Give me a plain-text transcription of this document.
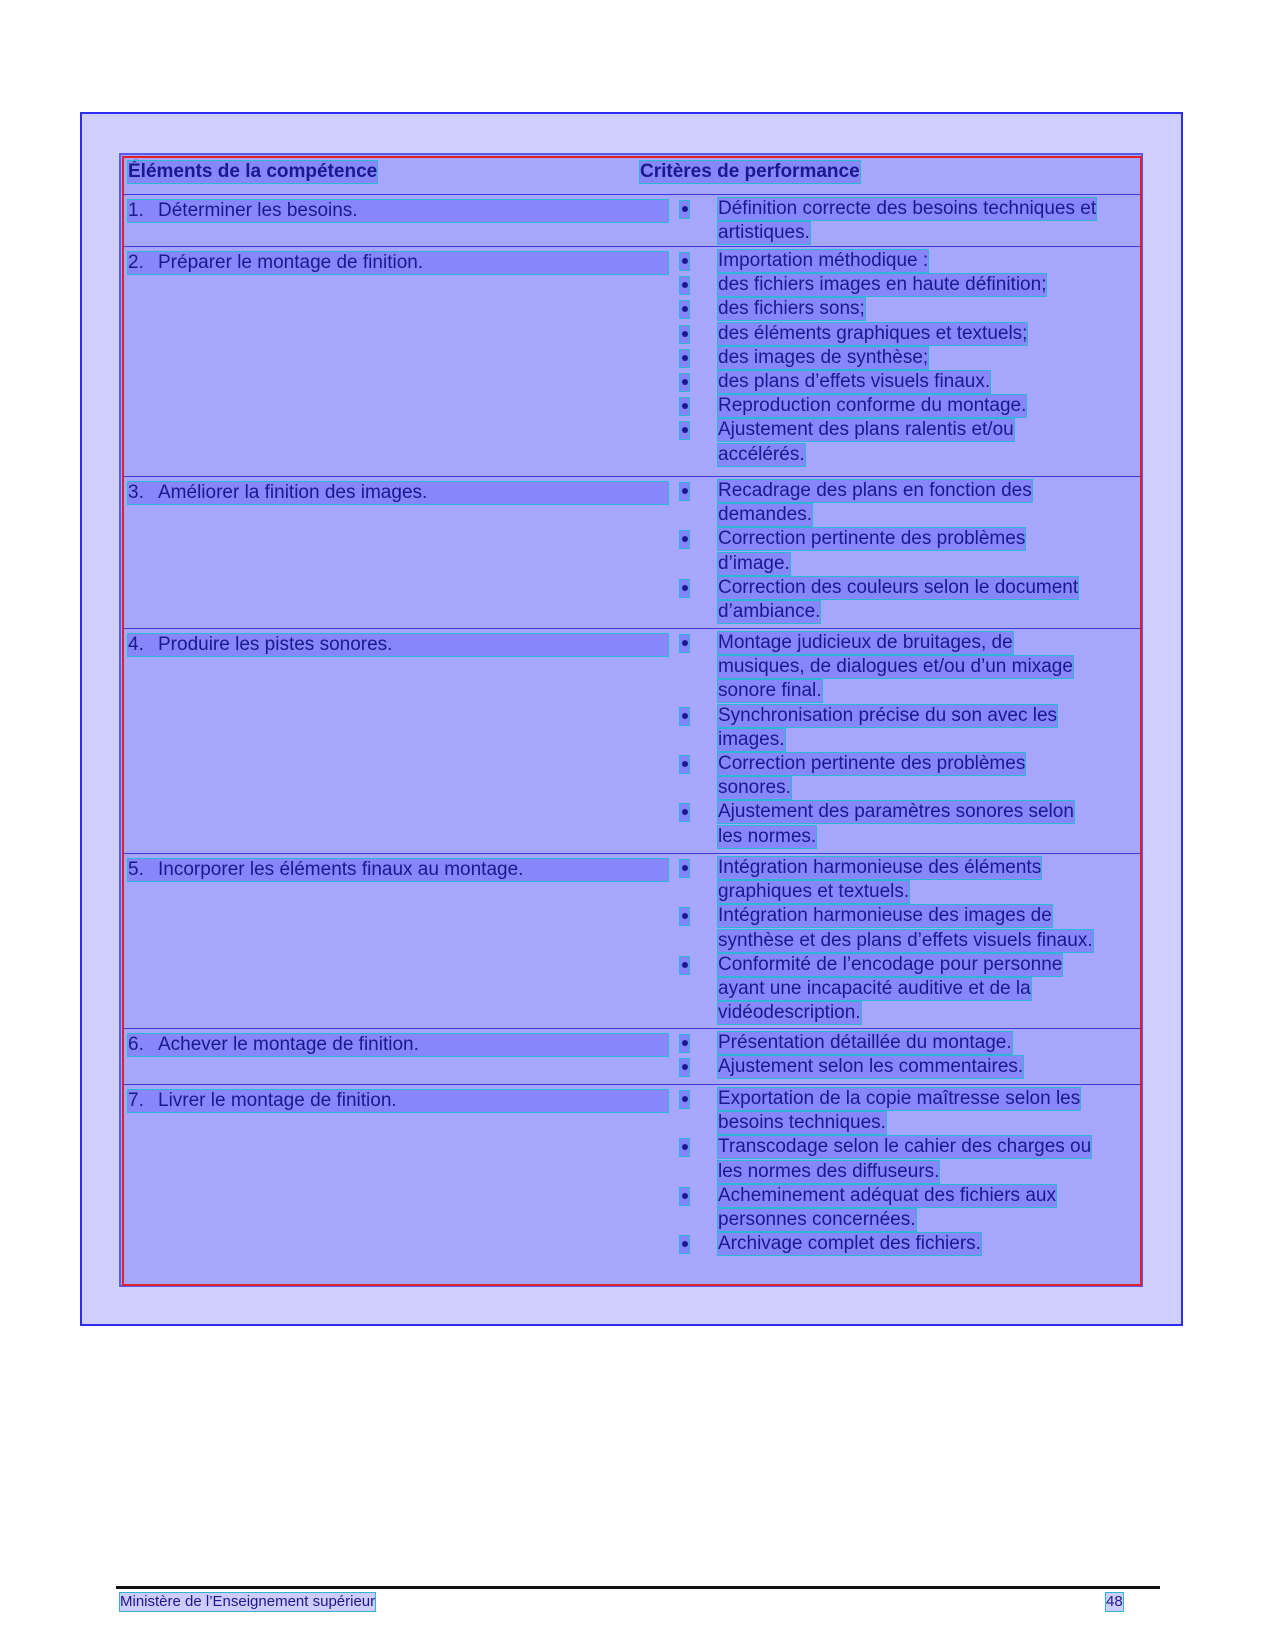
Éléments de la compétence	Critères de performance
1. Déterminer les besoins.	Définition correcte des besoins techniques et
artistiques.
2. Préparer le montage de finition.	Importation méthodique :
des fichiers images en haute définition;
des fichiers sons;
des éléments graphiques et textuels;
des images de synthèse;
des plans d’effets visuels finaux.
Reproduction conforme du montage.
Ajustement des plans ralentis et/ou
accélérés.
3. Améliorer la finition des images.	Recadrage des plans en fonction des
demandes.
Correction pertinente des problèmes
d’image.
Correction des couleurs selon le document
d’ambiance.
4. Produire les pistes sonores.	Montage judicieux de bruitages, de
musiques, de dialogues et/ou d’un mixage
sonore final.
Synchronisation précise du son avec les
images.
Correction pertinente des problèmes
sonores.
Ajustement des paramètres sonores selon
les normes.
5. Incorporer les éléments finaux au montage.	Intégration harmonieuse des éléments
graphiques et textuels.
Intégration harmonieuse des images de
synthèse et des plans d’effets visuels finaux.
Conformité de l’encodage pour personne
ayant une incapacité auditive et de la
vidéodescription.
6. Achever le montage de finition.	Présentation détaillée du montage.
Ajustement selon les commentaires.
7. Livrer le montage de finition.	Exportation de la copie maîtresse selon les
besoins techniques.
Transcodage selon le cahier des charges ou
les normes des diffuseurs.
Acheminement adéquat des fichiers aux
personnes concernées.
Archivage complet des fichiers.
Ministère de l’Enseignement supérieur	48
